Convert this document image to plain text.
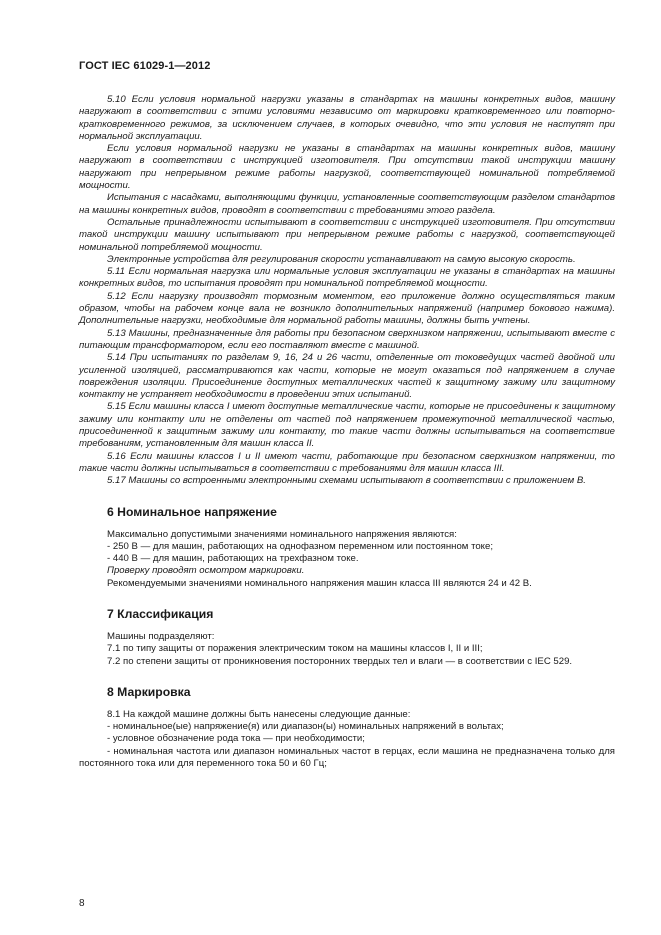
ГОСТ IEC 61029-1—2012

5.10 Если условия нормальной нагрузки указаны в стандартах на машины конкретных видов, машину нагружают в соответствии с этими условиями независимо от маркировки кратковременного или повторно-кратковременного режимов, за исключением случаев, в которых очевидно, что эти условия не наступят при нормальной эксплуатации.

Если условия нормальной нагрузки не указаны в стандартах на машины конкретных видов, машину нагружают в соответствии с инструкцией изготовителя. При отсутствии такой инструкции машину нагружают при непрерывном режиме работы нагрузкой, соответствующей номинальной потребляемой мощности.

Испытания с насадками, выполняющими функции, установленные соответствующим разделом стандартов на машины конкретных видов, проводят в соответствии с требованиями этого раздела.

Остальные принадлежности испытывают в соответствии с инструкцией изготовителя. При отсутствии такой инструкции машину испытывают при непрерывном режиме работы с нагрузкой, соответствующей номинальной потребляемой мощности.

Электронные устройства для регулирования скорости устанавливают на самую высокую скорость.

5.11 Если нормальная нагрузка или нормальные условия эксплуатации не указаны в стандартах на машины конкретных видов, то испытания проводят при номинальной потребляемой мощности.

5.12 Если нагрузку производят тормозным моментом, его приложение должно осуществляться таким образом, чтобы на рабочем конце вала не возникло дополнительных напряжений (например бокового нажима). Дополнительные нагрузки, необходимые для нормальной работы машины, должны быть учтены.

5.13 Машины, предназначенные для работы при безопасном сверхнизком напряжении, испытывают вместе с питающим трансформатором, если его поставляют вместе с машиной.

5.14 При испытаниях по разделам 9, 16, 24 и 26 части, отделенные от токоведущих частей двойной или усиленной изоляцией, рассматриваются как части, которые не могут оказаться под напряжением в случае повреждения изоляции. Присоединение доступных металлических частей к защитному зажиму или защитному контакту не устраняет необходимости в проведении этих испытаний.

5.15 Если машины класса I имеют доступные металлические части, которые не присоединены к защитному зажиму или контакту или не отделены от частей под напряжением промежуточной металлической частью, присоединенной к защитным зажиму или контакту, то такие части должны испытываться на соответствие требованиям, установленным для машин класса II.

5.16 Если машины классов I и II имеют части, работающие при безопасном сверхнизком напряжении, то такие части должны испытываться в соответствии с требованиями для машин класса III.

5.17 Машины со встроенными электронными схемами испытывают в соответствии с приложением В.

6 Номинальное напряжение

Максимально допустимыми значениями номинального напряжения являются:

- 250 В — для машин, работающих на однофазном переменном или постоянном токе;

- 440 В — для машин, работающих на трехфазном токе.

Проверку проводят осмотром маркировки.

Рекомендуемыми значениями номинального напряжения машин класса III являются 24 и 42 В.

7 Классификация

Машины подразделяют:

7.1 по типу защиты от поражения электрическим током на машины классов I, II и III;

7.2 по степени защиты от проникновения посторонних твердых тел и влаги — в соответствии с IEC 529.

8 Маркировка

8.1 На каждой машине должны быть нанесены следующие данные:

- номинальное(ые) напряжение(я) или диапазон(ы) номинальных напряжений в вольтах;

- условное обозначение рода тока — при необходимости;

- номинальная частота или диапазон номинальных частот в герцах, если машина не предназначена только для постоянного тока или для переменного тока 50 и 60 Гц;

8
